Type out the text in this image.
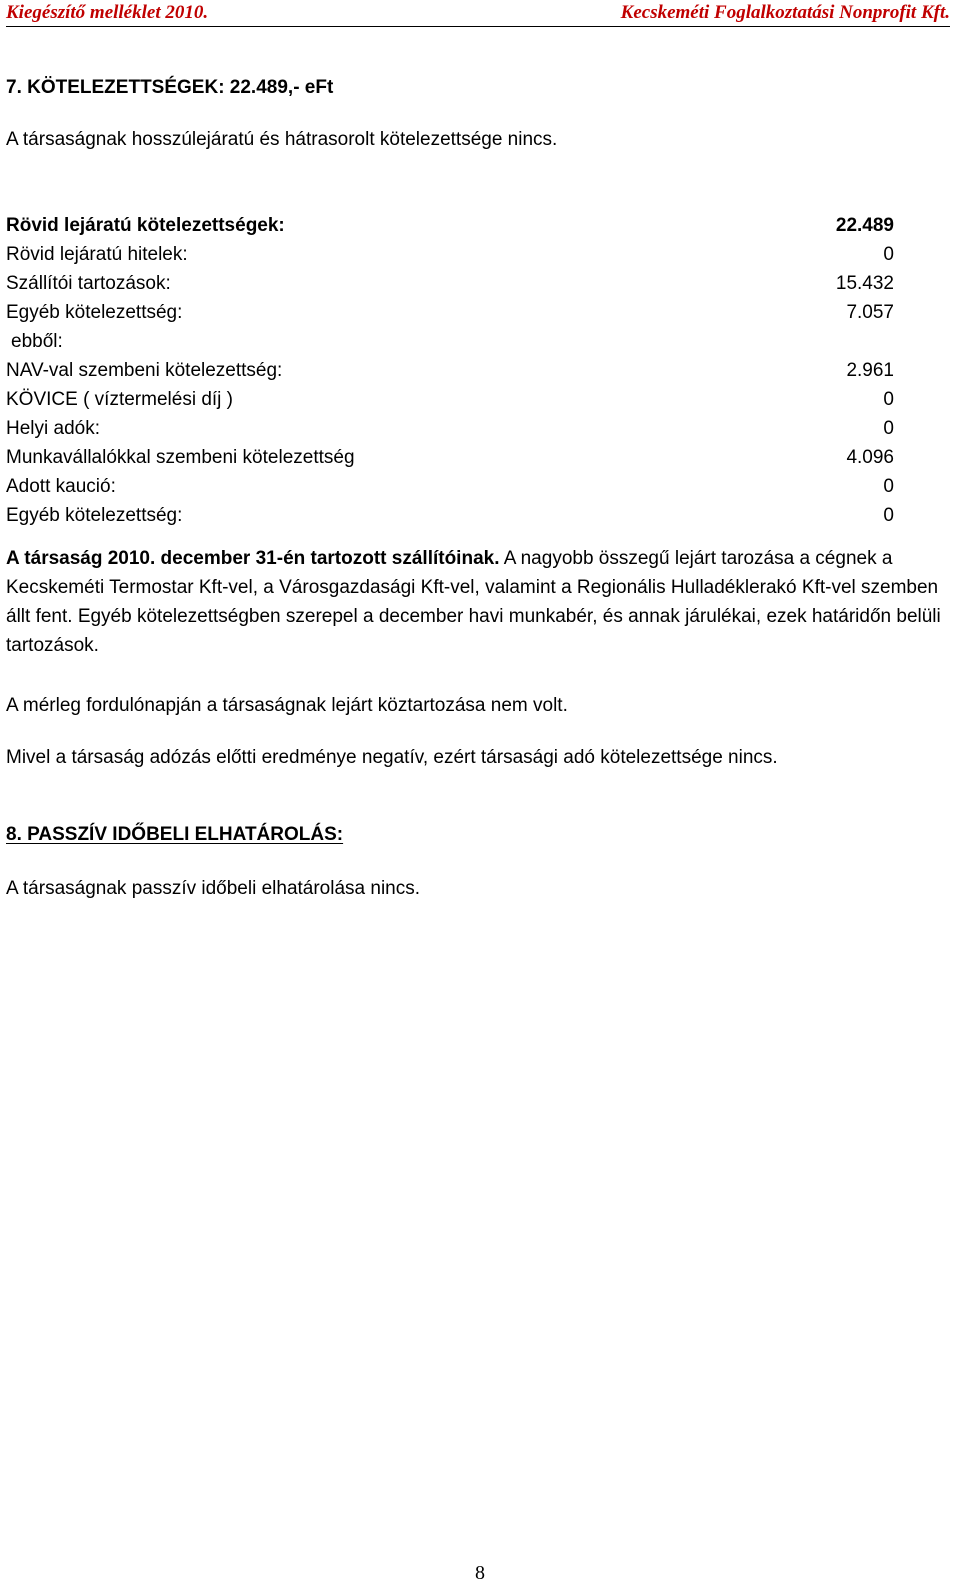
Kiegészítő melléklet 2010.	Kecskeméti Foglalkoztatási Nonprofit Kft.
7. KÖTELEZETTSÉGEK: 22.489,- eFt
A társaságnak hosszúlejáratú és hátrasorolt kötelezettsége nincs.
Rövid lejáratú kötelezettségek:	22.489
Rövid lejáratú hitelek:	0
Szállítói tartozások:	15.432
Egyéb kötelezettség:	7.057
ebből:
NAV-val szembeni kötelezettség:	2.961
KÖVICE ( víztermelési díj )	0
Helyi adók:	0
Munkavállalókkal szembeni kötelezettség	4.096
Adott kaució:	0
Egyéb kötelezettség:	0
A társaság 2010. december 31-én tartozott szállítóinak. A nagyobb összegű lejárt tarozása a cégnek a Kecskeméti Termostar Kft-vel, a Városgazdasági Kft-vel, valamint a Regionális Hulladéklerakó Kft-vel szemben állt fent. Egyéb kötelezettségben szerepel a december havi munkabér, és annak járulékai, ezek határidőn belüli tartozások.
A mérleg fordulónapján a társaságnak lejárt köztartozása nem volt.
Mivel a társaság adózás előtti eredménye negatív, ezért társasági adó kötelezettsége nincs.
8. PASSZÍV IDŐBELI ELHATÁROLÁS:
A társaságnak passzív időbeli elhatárolása nincs.
8
